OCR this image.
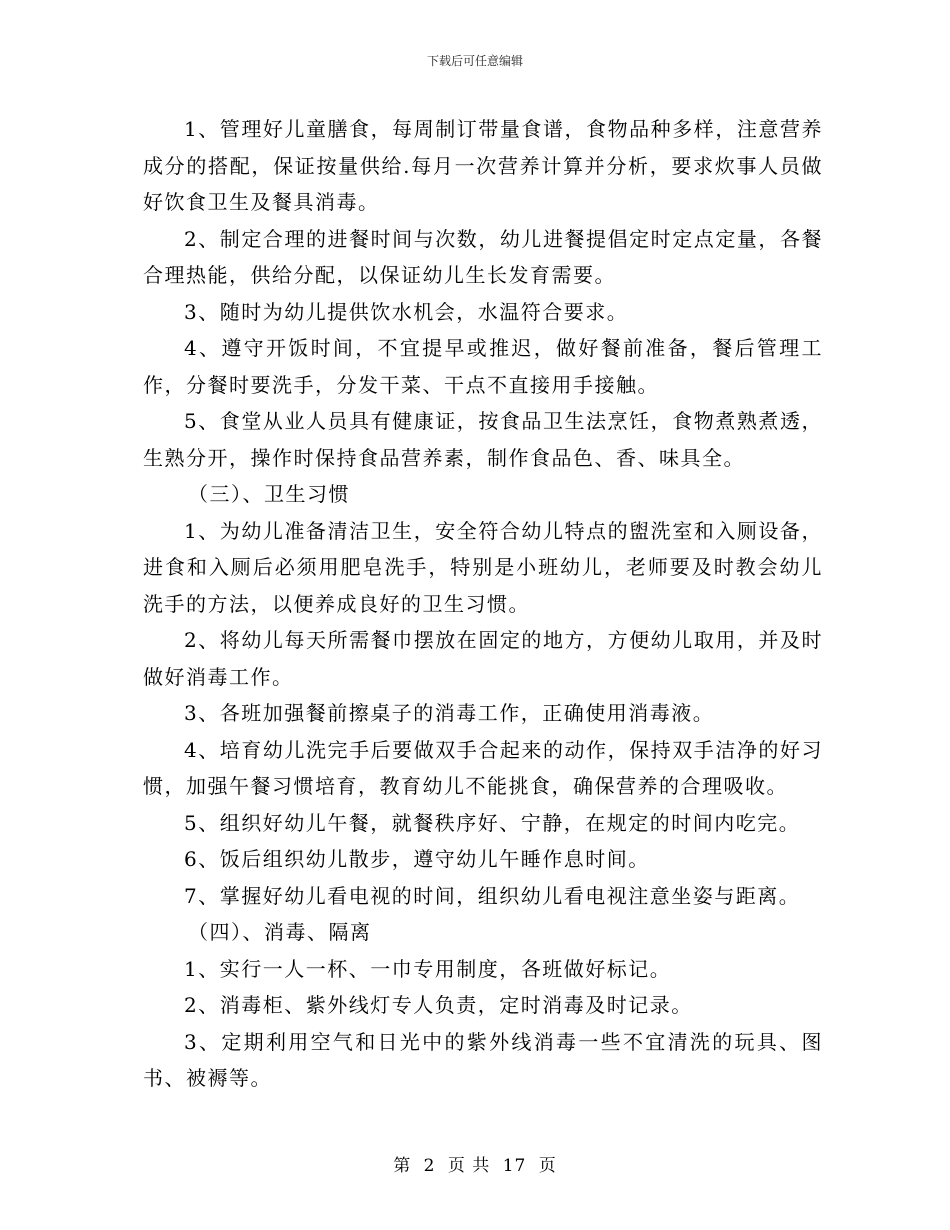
下载后可任意编辑

1、管理好儿童膳食，每周制订带量食谱，食物品种多样，注意营养成分的搭配，保证按量供给.每月一次营养计算并分析，要求炊事人员做好饮食卫生及餐具消毒。

2、制定合理的进餐时间与次数，幼儿进餐提倡定时定点定量，各餐合理热能，供给分配，以保证幼儿生长发育需要。

3、随时为幼儿提供饮水机会，水温符合要求。

4、遵守开饭时间，不宜提早或推迟，做好餐前准备，餐后管理工作，分餐时要洗手，分发干菜、干点不直接用手接触。

5、食堂从业人员具有健康证，按食品卫生法烹饪，食物煮熟煮透，生熟分开，操作时保持食品营养素，制作食品色、香、味具全。

（三）、卫生习惯

1、为幼儿准备清洁卫生，安全符合幼儿特点的盥洗室和入厕设备，进食和入厕后必须用肥皂洗手，特别是小班幼儿，老师要及时教会幼儿洗手的方法，以便养成良好的卫生习惯。

2、将幼儿每天所需餐巾摆放在固定的地方，方便幼儿取用，并及时做好消毒工作。

3、各班加强餐前擦桌子的消毒工作，正确使用消毒液。

4、培育幼儿洗完手后要做双手合起来的动作，保持双手洁净的好习惯，加强午餐习惯培育，教育幼儿不能挑食，确保营养的合理吸收。

5、组织好幼儿午餐，就餐秩序好、宁静，在规定的时间内吃完。

6、饭后组织幼儿散步，遵守幼儿午睡作息时间。

7、掌握好幼儿看电视的时间，组织幼儿看电视注意坐姿与距离。

（四）、消毒、隔离

1、实行一人一杯、一巾专用制度，各班做好标记。

2、消毒柜、紫外线灯专人负责，定时消毒及时记录。

3、定期利用空气和日光中的紫外线消毒一些不宜清洗的玩具、图书、被褥等。

第 2 页 共 17 页
